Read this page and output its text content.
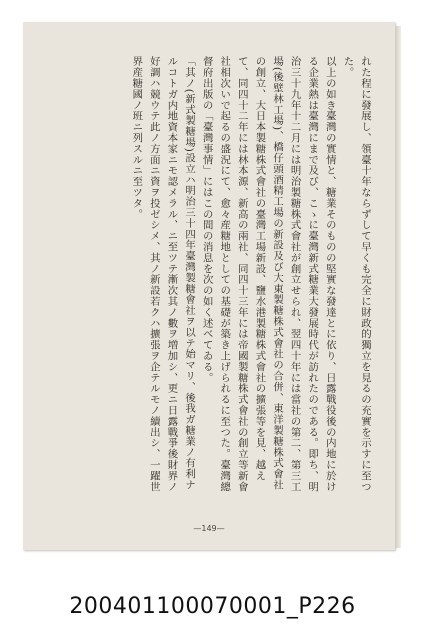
れた程に發展し、領臺十年ならずして早くも完全に財政的獨立を見るの充實を示すに至つた。

以上の如き臺灣の實情と、糖業そのものの堅實な發達とに依り、日露戰役後の内地に於ける企業熱は臺灣にまで及び、こゝに臺灣新式糖業大發展時代が訪れたのである。即ち、明治三十九年十二月には明治製糖株式會社が創立せられ、翌四十年には當社の第二、第三工場(後壁林工場)、橋仔頭酒精工場の新設及び大東製糖株式會社の合併、東洋製糖株式會社の創立、大日本製糖株式會社の臺灣工場新設、鹽水港製糖株式會社の擴張等を見、越えて、同四十二年には林本源、新高の兩社、同四十三年には帝國製糖株式會社の創立等新會社相次いで起るの盛況にて、愈々産糖地としての基礎が築き上げられるに至つた。臺灣總督府出版の「臺灣事情」にはこの間の消息を次の如く述べてゐる。

「其ノ(新式製糖場)設立ハ明治三十四年臺灣製糖會社ヲ以テ始マリ、後我ガ糖業ノ有利ナルコトガ内地資本家ニモ認メラル、ニ至ツテ漸次其ノ數ヲ増加シ、更ニ日露戰爭後財界ノ好調ハ競ウテ此ノ方面ニ資ヲ投ゼシメ、其ノ新設若クハ擴張ヲ企テルモノ續出シ、一躍世界産糖國ノ班ニ列スルニ至ツタ。

—149—
200401100070001_P226
